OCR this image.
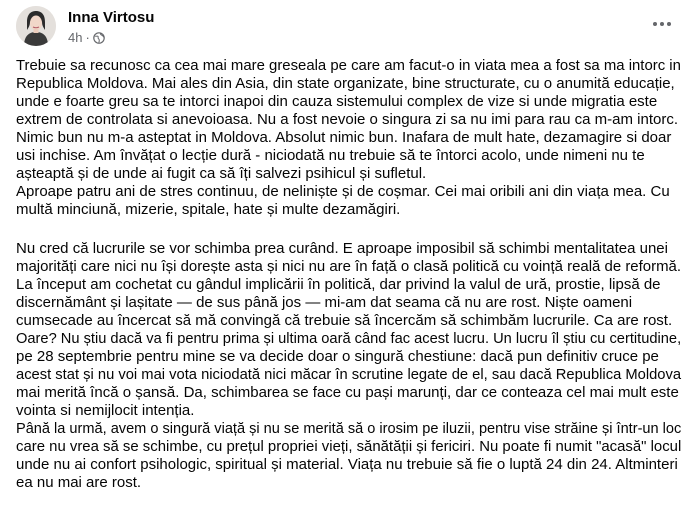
Inna Virtosu
4h ·

Trebuie sa recunosc ca cea mai mare greseala pe care am facut-o in viata mea a fost sa ma intorc in
Republica Moldova. Mai ales din Asia, din state organizate, bine structurate, cu o anumită educație,
unde e foarte greu sa te intorci inapoi din cauza sistemului complex de vize si unde migratia este
extrem de controlata si anevoioasa. Nu a fost nevoie o singura zi sa nu imi para rau ca m-am intorc.
Nimic bun nu m-a asteptat in Moldova. Absolut nimic bun. Inafara de mult hate, dezamagire si doar
usi inchise. Am învățat o lecție dură - niciodată nu trebuie să te întorci acolo, unde nimeni nu te
așteaptă și de unde ai fugit ca să îți salvezi psihicul și sufletul.
Aproape patru ani de stres continuu, de neliniște și de coșmar. Cei mai oribili ani din viața mea. Cu
multă minciună, mizerie, spitale, hate și multe dezamăgiri.

Nu cred că lucrurile se vor schimba prea curând. E aproape imposibil să schimbi mentalitatea unei
majorități care nici nu își dorește asta și nici nu are în față o clasă politică cu voință reală de reformă.
La început am cochetat cu gândul implicării în politică, dar privind la valul de ură, prostie, lipsă de
discernământ și lașitate — de sus până jos — mi-am dat seama că nu are rost. Niște oameni
cumsecade au încercat să mă convingă că trebuie să încercăm să schimbăm lucrurile. Ca are rost.
Oare? Nu știu dacă va fi pentru prima și ultima oară când fac acest lucru. Un lucru îl știu cu certitudine,
pe 28 septembrie pentru mine se va decide doar o singură chestiune: dacă pun definitiv cruce pe
acest stat și nu voi mai vota niciodată nici măcar în scrutine legate de el, sau dacă Republica Moldova
mai merită încă o șansă. Da, schimbarea se face cu pași marunți, dar ce conteaza cel mai mult este
vointa si nemijlocit intenția.
Până la urmă, avem o singură viață și nu se merită să o irosim pe iluzii, pentru vise străine și într-un loc
care nu vrea să se schimbe, cu prețul propriei vieți, sănătății și fericiri. Nu poate fi numit "acasă" locul
unde nu ai confort psihologic, spiritual și material. Viața nu trebuie să fie o luptă 24 din 24. Altminteri
ea nu mai are rost.
